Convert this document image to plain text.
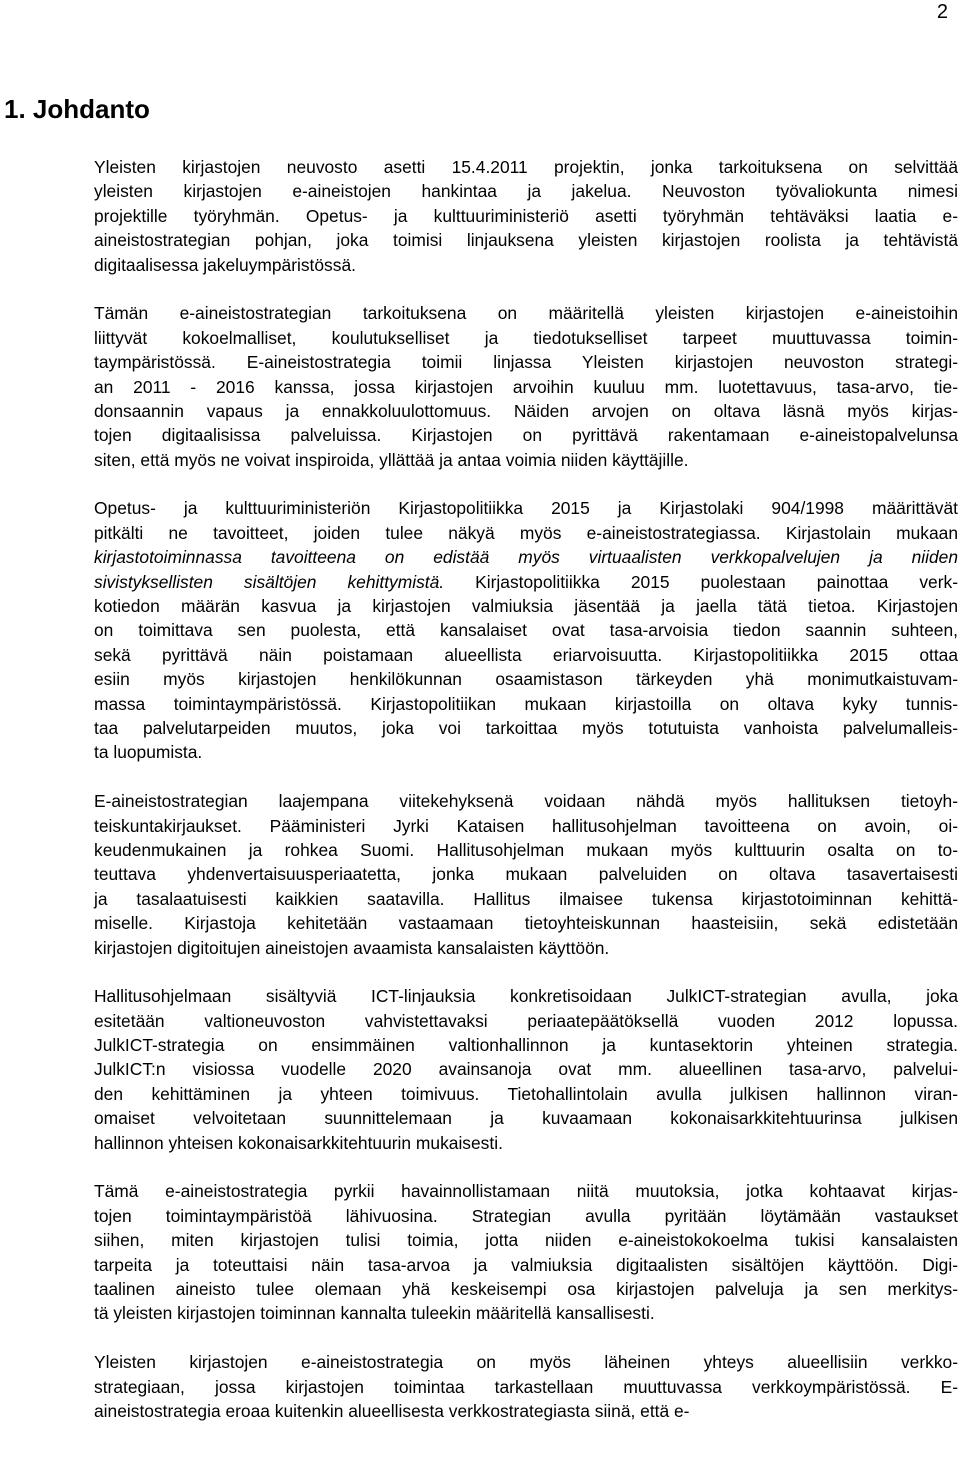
2
1. Johdanto
Yleisten kirjastojen neuvosto asetti 15.4.2011 projektin, jonka tarkoituksena on selvittää
yleisten kirjastojen e-aineistojen hankintaa ja jakelua. Neuvoston työvaliokunta nimesi
projektille työryhmän. Opetus- ja kulttuuriministeriö asetti työryhmän tehtäväksi laatia e-
aineistostrategian pohjan, joka toimisi linjauksena yleisten kirjastojen roolista ja tehtävistä
digitaalisessa jakeluympäristössä.
Tämän e-aineistostrategian tarkoituksena on määritellä yleisten kirjastojen e-aineistoihin
liittyvät kokoelmalliset, koulutukselliset ja tiedotukselliset tarpeet muuttuvassa toimin-
taympäristössä. E-aineistostrategia toimii linjassa Yleisten kirjastojen neuvoston strategi-
an 2011 - 2016 kanssa, jossa kirjastojen arvoihin kuuluu mm. luotettavuus, tasa-arvo, tie-
donsaannin vapaus ja ennakkoluulottomuus. Näiden arvojen on oltava läsnä myös kirjas-
tojen digitaalisissa palveluissa. Kirjastojen on pyrittävä rakentamaan e-aineistopalvelunsa
siten, että myös ne voivat inspiroida, yllättää ja antaa voimia niiden käyttäjille.
Opetus- ja kulttuuriministeriön Kirjastopolitiikka 2015 ja Kirjastolaki 904/1998 määrittävät
pitkälti ne tavoitteet, joiden tulee näkyä myös e-aineistostrategiassa. Kirjastolain mukaan
kirjastotoiminnassa tavoitteena on edistää myös virtuaalisten verkkopalvelujen ja niiden
sivistyksellisten sisältöjen kehittymistä. Kirjastopolitiikka 2015 puolestaan painottaa verk-
kotiedon määrän kasvua ja kirjastojen valmiuksia jäsentää ja jaella tätä tietoa. Kirjastojen
on toimittava sen puolesta, että kansalaiset ovat tasa-arvoisia tiedon saannin suhteen,
sekä pyrittävä näin poistamaan alueellista eriarvoisuutta. Kirjastopolitiikka 2015 ottaa
esiin myös kirjastojen henkilökunnan osaamistason tärkeyden yhä monimutkaistuvam-
massa toimintaympäristössä. Kirjastopolitiikan mukaan kirjastoilla on oltava kyky tunnis-
taa palvelutarpeiden muutos, joka voi tarkoittaa myös totutuista vanhoista palvelumalleis-
ta luopumista.
E-aineistostrategian laajempana viitekehyksenä voidaan nähdä myös hallituksen tietoyh-
teiskuntakirjaukset. Pääministeri Jyrki Kataisen hallitusohjelman tavoitteena on avoin, oi-
keudenmukainen ja rohkea Suomi. Hallitusohjelman mukaan myös kulttuurin osalta on to-
teuttava yhdenvertaisuusperiaatetta, jonka mukaan palveluiden on oltava tasavertaisesti
ja tasalaatuisesti kaikkien saatavilla. Hallitus ilmaisee tukensa kirjastotoiminnan kehittä-
misellе. Kirjastoja kehitetään vastaamaan tietoyhteiskunnan haasteisiin, sekä edistetään
kirjastojen digitoitujen aineistojen avaamista kansalaisten käyttöön.
Hallitusohjelmaan sisältyviä ICT-linjauksia konkretisoidaan JulkICT-strategian avulla, joka
esitetään valtioneuvoston vahvistettavaksi periaatepäätöksellä vuoden 2012 lopussa.
JulkICT-strategia on ensimmäinen valtionhallinnon ja kuntasektorin yhteinen strategia.
JulkICT:n visiossa vuodelle 2020 avainsanoja ovat mm. alueellinen tasa-arvo, palvelui-
den kehittäminen ja yhteen toimivuus. Tietohallintolain avulla julkisen hallinnon viran-
omaiset velvoitetaan suunnittelemaan ja kuvaamaan kokonaisarkkitehtuurinsa julkisen
hallinnon yhteisen kokonaisarkkitehtuurin mukaisesti.
Tämä e-aineistostrategia pyrkii havainnollistamaan niitä muutoksia, jotka kohtaavat kirjas-
tojen toimintaympäristöä lähivuosina. Strategian avulla pyritään löytämään vastaukset
siihen, miten kirjastojen tulisi toimia, jotta niiden e-aineistokokoelma tukisi kansalaisten
tarpeita ja toteuttaisi näin tasa-arvoa ja valmiuksia digitaalisten sisältöjen käyttöön. Digi-
taalinen aineisto tulee olemaan yhä keskeisempi osa kirjastojen palveluja ja sen merkitys-
tä yleisten kirjastojen toiminnan kannalta tuleekin määritellä kansallisesti.
Yleisten kirjastojen e-aineistostrategia on myös läheinen yhteys alueellisiin verkko-
strategiaan, jossa kirjastojen toimintaa tarkastellaan muuttuvassa verkkoympäristössä. E-
aineistostrategia eroaa kuitenkin alueellisesta verkkostrategiasta siinä, että e-
